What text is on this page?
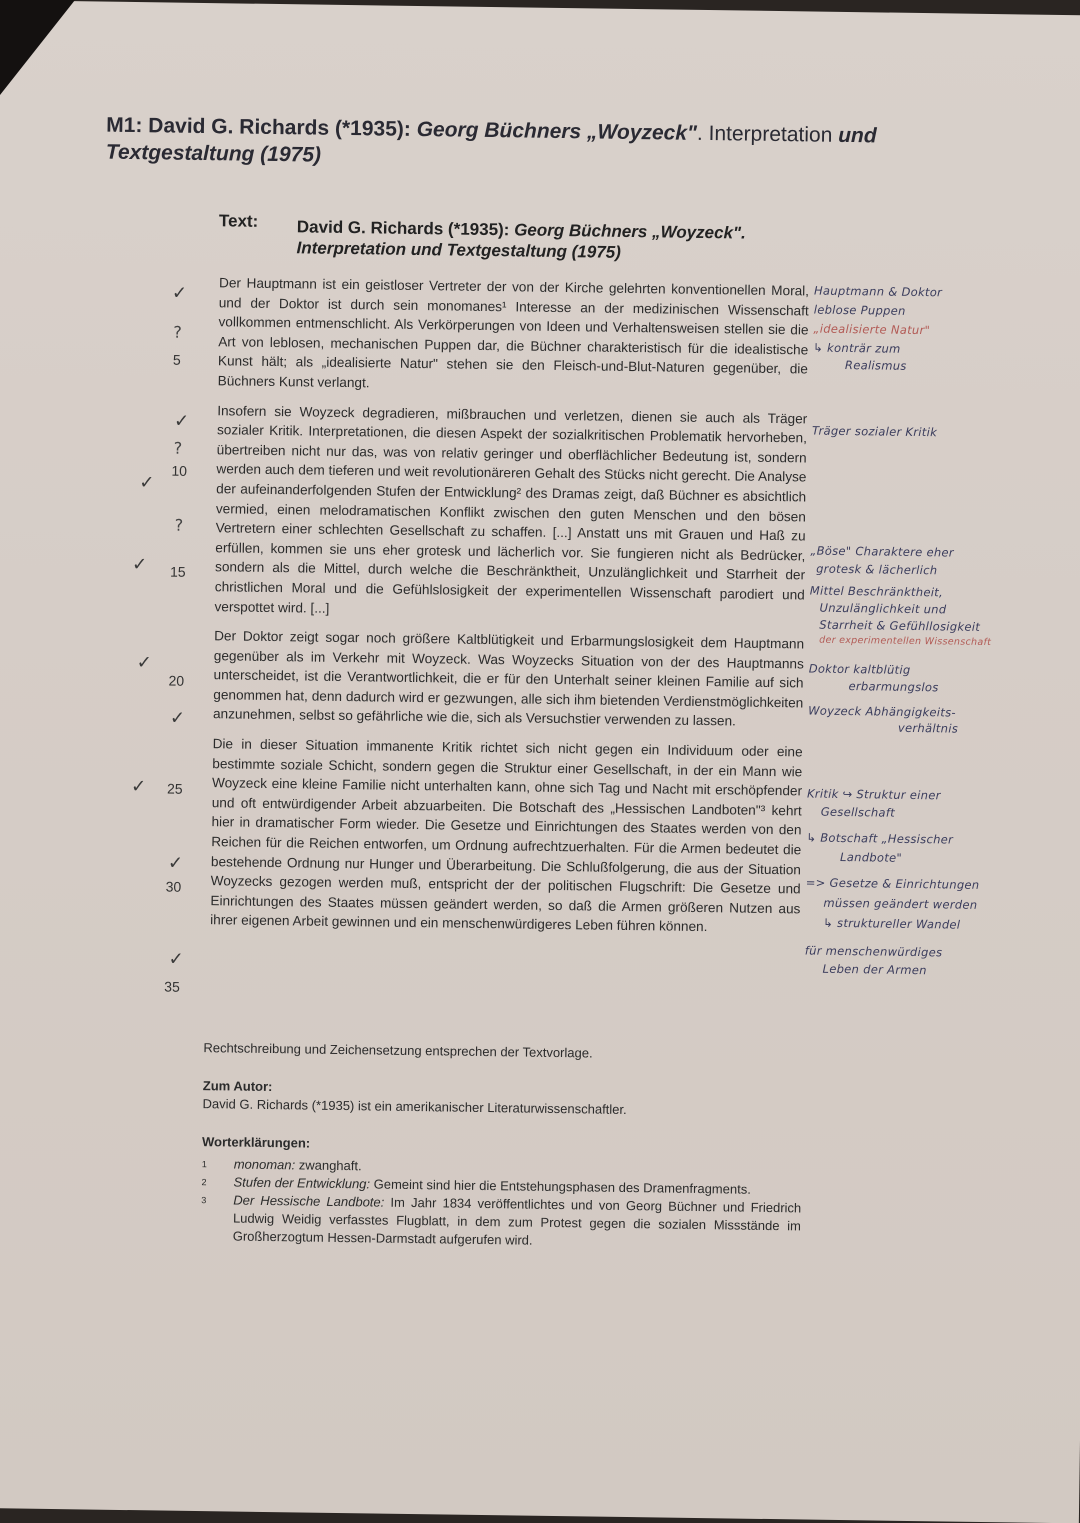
M1: David G. Richards (*1935): Georg Büchners „Woyzeck". Interpretation und Textgestaltung (1975)
Text: David G. Richards (*1935): Georg Büchners „Woyzeck".
Interpretation und Textgestaltung (1975)

Der Hauptmann ist ein geistloser Vertreter der von der Kirche gelehrten konventionellen Moral, und der Doktor ist durch sein monomanes¹ Interesse an der medizinischen Wissenschaft vollkommen entmenschlicht. Als Verkörperungen von Ideen und Verhaltensweisen stellen sie die Art von leblosen, mechanischen Puppen dar, die Büchner charakteristisch für die idealistische Kunst hält; als „idealisierte Natur" stehen sie den Fleisch-und-Blut-Naturen gegenüber, die Büchners Kunst verlangt.

Insofern sie Woyzeck degradieren, mißbrauchen und verletzen, dienen sie auch als Träger sozialer Kritik. Interpretationen, die diesen Aspekt der sozialkritischen Problematik hervorheben, übertreiben nicht nur das, was von relativ geringer und oberflächlicher Bedeutung ist, sondern werden auch dem tieferen und weit revolutionäreren Gehalt des Stücks nicht gerecht. Die Analyse der aufeinanderfolgenden Stufen der Entwicklung² des Dramas zeigt, daß Büchner es absichtlich vermied, einen melodramatischen Konflikt zwischen den guten Menschen und den bösen Vertretern einer schlechten Gesellschaft zu schaffen. [...] Anstatt uns mit Grauen und Haß zu erfüllen, kommen sie uns eher grotesk und lächerlich vor. Sie fungieren nicht als Bedrücker, sondern als die Mittel, durch welche die Beschränktheit, Unzulänglichkeit und Starrheit der christlichen Moral und die Gefühlslosigkeit der experimentellen Wissenschaft parodiert und verspottet wird. [...]

Der Doktor zeigt sogar noch größere Kaltblütigkeit und Erbarmungslosigkeit dem Hauptmann gegenüber als im Verkehr mit Woyzeck. Was Woyzecks Situation von der des Hauptmanns unterscheidet, ist die Verantwortlichkeit, die er für den Unterhalt seiner kleinen Familie auf sich genommen hat, denn dadurch wird er gezwungen, alle sich ihm bietenden Verdienstmöglichkeiten anzunehmen, selbst so gefährliche wie die, sich als Versuchstier verwenden zu lassen.

Die in dieser Situation immanente Kritik richtet sich nicht gegen ein Individuum oder eine bestimmte soziale Schicht, sondern gegen die Struktur einer Gesellschaft, in der ein Mann wie Woyzeck eine kleine Familie nicht unterhalten kann, ohne sich Tag und Nacht mit erschöpfender und oft entwürdigender Arbeit abzuarbeiten. Die Botschaft des „Hessischen Landboten"³ kehrt hier in dramatischer Form wieder. Die Gesetze und Einrichtungen des Staates werden von den Reichen für die Reichen entworfen, um Ordnung aufrechtzuerhalten. Für die Armen bedeutet die bestehende Ordnung nur Hunger und Überarbeitung. Die Schlußfolgerung, die aus der Situation Woyzecks gezogen werden muß, entspricht der der politischen Flugschrift: Die Gesetze und Einrichtungen des Staates müssen geändert werden, so daß die Armen größeren Nutzen aus ihrer eigenen Arbeit gewinnen und ein menschenwürdigeres Leben führen können.

5
10
15
20
25
30
35
✓
?
✓
?
✓
?
✓
✓
✓
✓
✓
✓
Hauptmann & Doktor
leblose Puppen
„idealisierte Natur"
↳ konträr zum
Realismus
Träger sozialer Kritik
„Böse" Charaktere eher
grotesk & lächerlich
Mittel Beschränktheit,
Unzulänglichkeit und
Starrheit & Gefühllosigkeit
der experimentellen Wissenschaft
Doktor kaltblütig
erbarmungslos
Woyzeck Abhängigkeits-
verhältnis
Kritik ↪ Struktur einer
Gesellschaft
↳ Botschaft „Hessischer
Landbote"
=> Gesetze & Einrichtungen
müssen geändert werden
↳ struktureller Wandel
für menschenwürdiges
Leben der Armen
Rechtschreibung und Zeichensetzung entsprechen der Textvorlage.
Zum Autor:
David G. Richards (*1935) ist ein amerikanischer Literaturwissenschaftler.
Worterklärungen:
1 monoman: zwanghaft.
2 Stufen der Entwicklung: Gemeint sind hier die Entstehungsphasen des Dramenfragments.
3 Der Hessische Landbote: Im Jahr 1834 veröffentlichtes und von Georg Büchner und Friedrich Ludwig Weidig verfasstes Flugblatt, in dem zum Protest gegen die sozialen Missstände im Großherzogtum Hessen-Darmstadt aufgerufen wird.
